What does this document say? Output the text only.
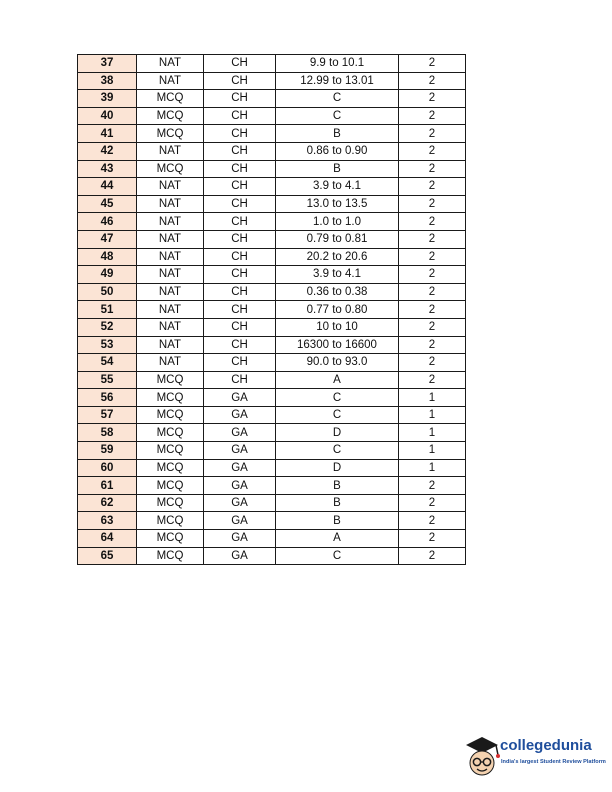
37	NAT	CH	9.9 to 10.1	2
38	NAT	CH	12.99 to 13.01	2
39	MCQ	CH	C	2
40	MCQ	CH	C	2
41	MCQ	CH	B	2
42	NAT	CH	0.86 to 0.90	2
43	MCQ	CH	B	2
44	NAT	CH	3.9 to 4.1	2
45	NAT	CH	13.0 to 13.5	2
46	NAT	CH	1.0 to 1.0	2
47	NAT	CH	0.79 to 0.81	2
48	NAT	CH	20.2 to 20.6	2
49	NAT	CH	3.9 to 4.1	2
50	NAT	CH	0.36 to 0.38	2
51	NAT	CH	0.77 to 0.80	2
52	NAT	CH	10 to 10	2
53	NAT	CH	16300 to 16600	2
54	NAT	CH	90.0 to 93.0	2
55	MCQ	CH	A	2
56	MCQ	GA	C	1
57	MCQ	GA	C	1
58	MCQ	GA	D	1
59	MCQ	GA	C	1
60	MCQ	GA	D	1
61	MCQ	GA	B	2
62	MCQ	GA	B	2
63	MCQ	GA	B	2
64	MCQ	GA	A	2
65	MCQ	GA	C	2
collegedunia
India's largest Student Review Platform
